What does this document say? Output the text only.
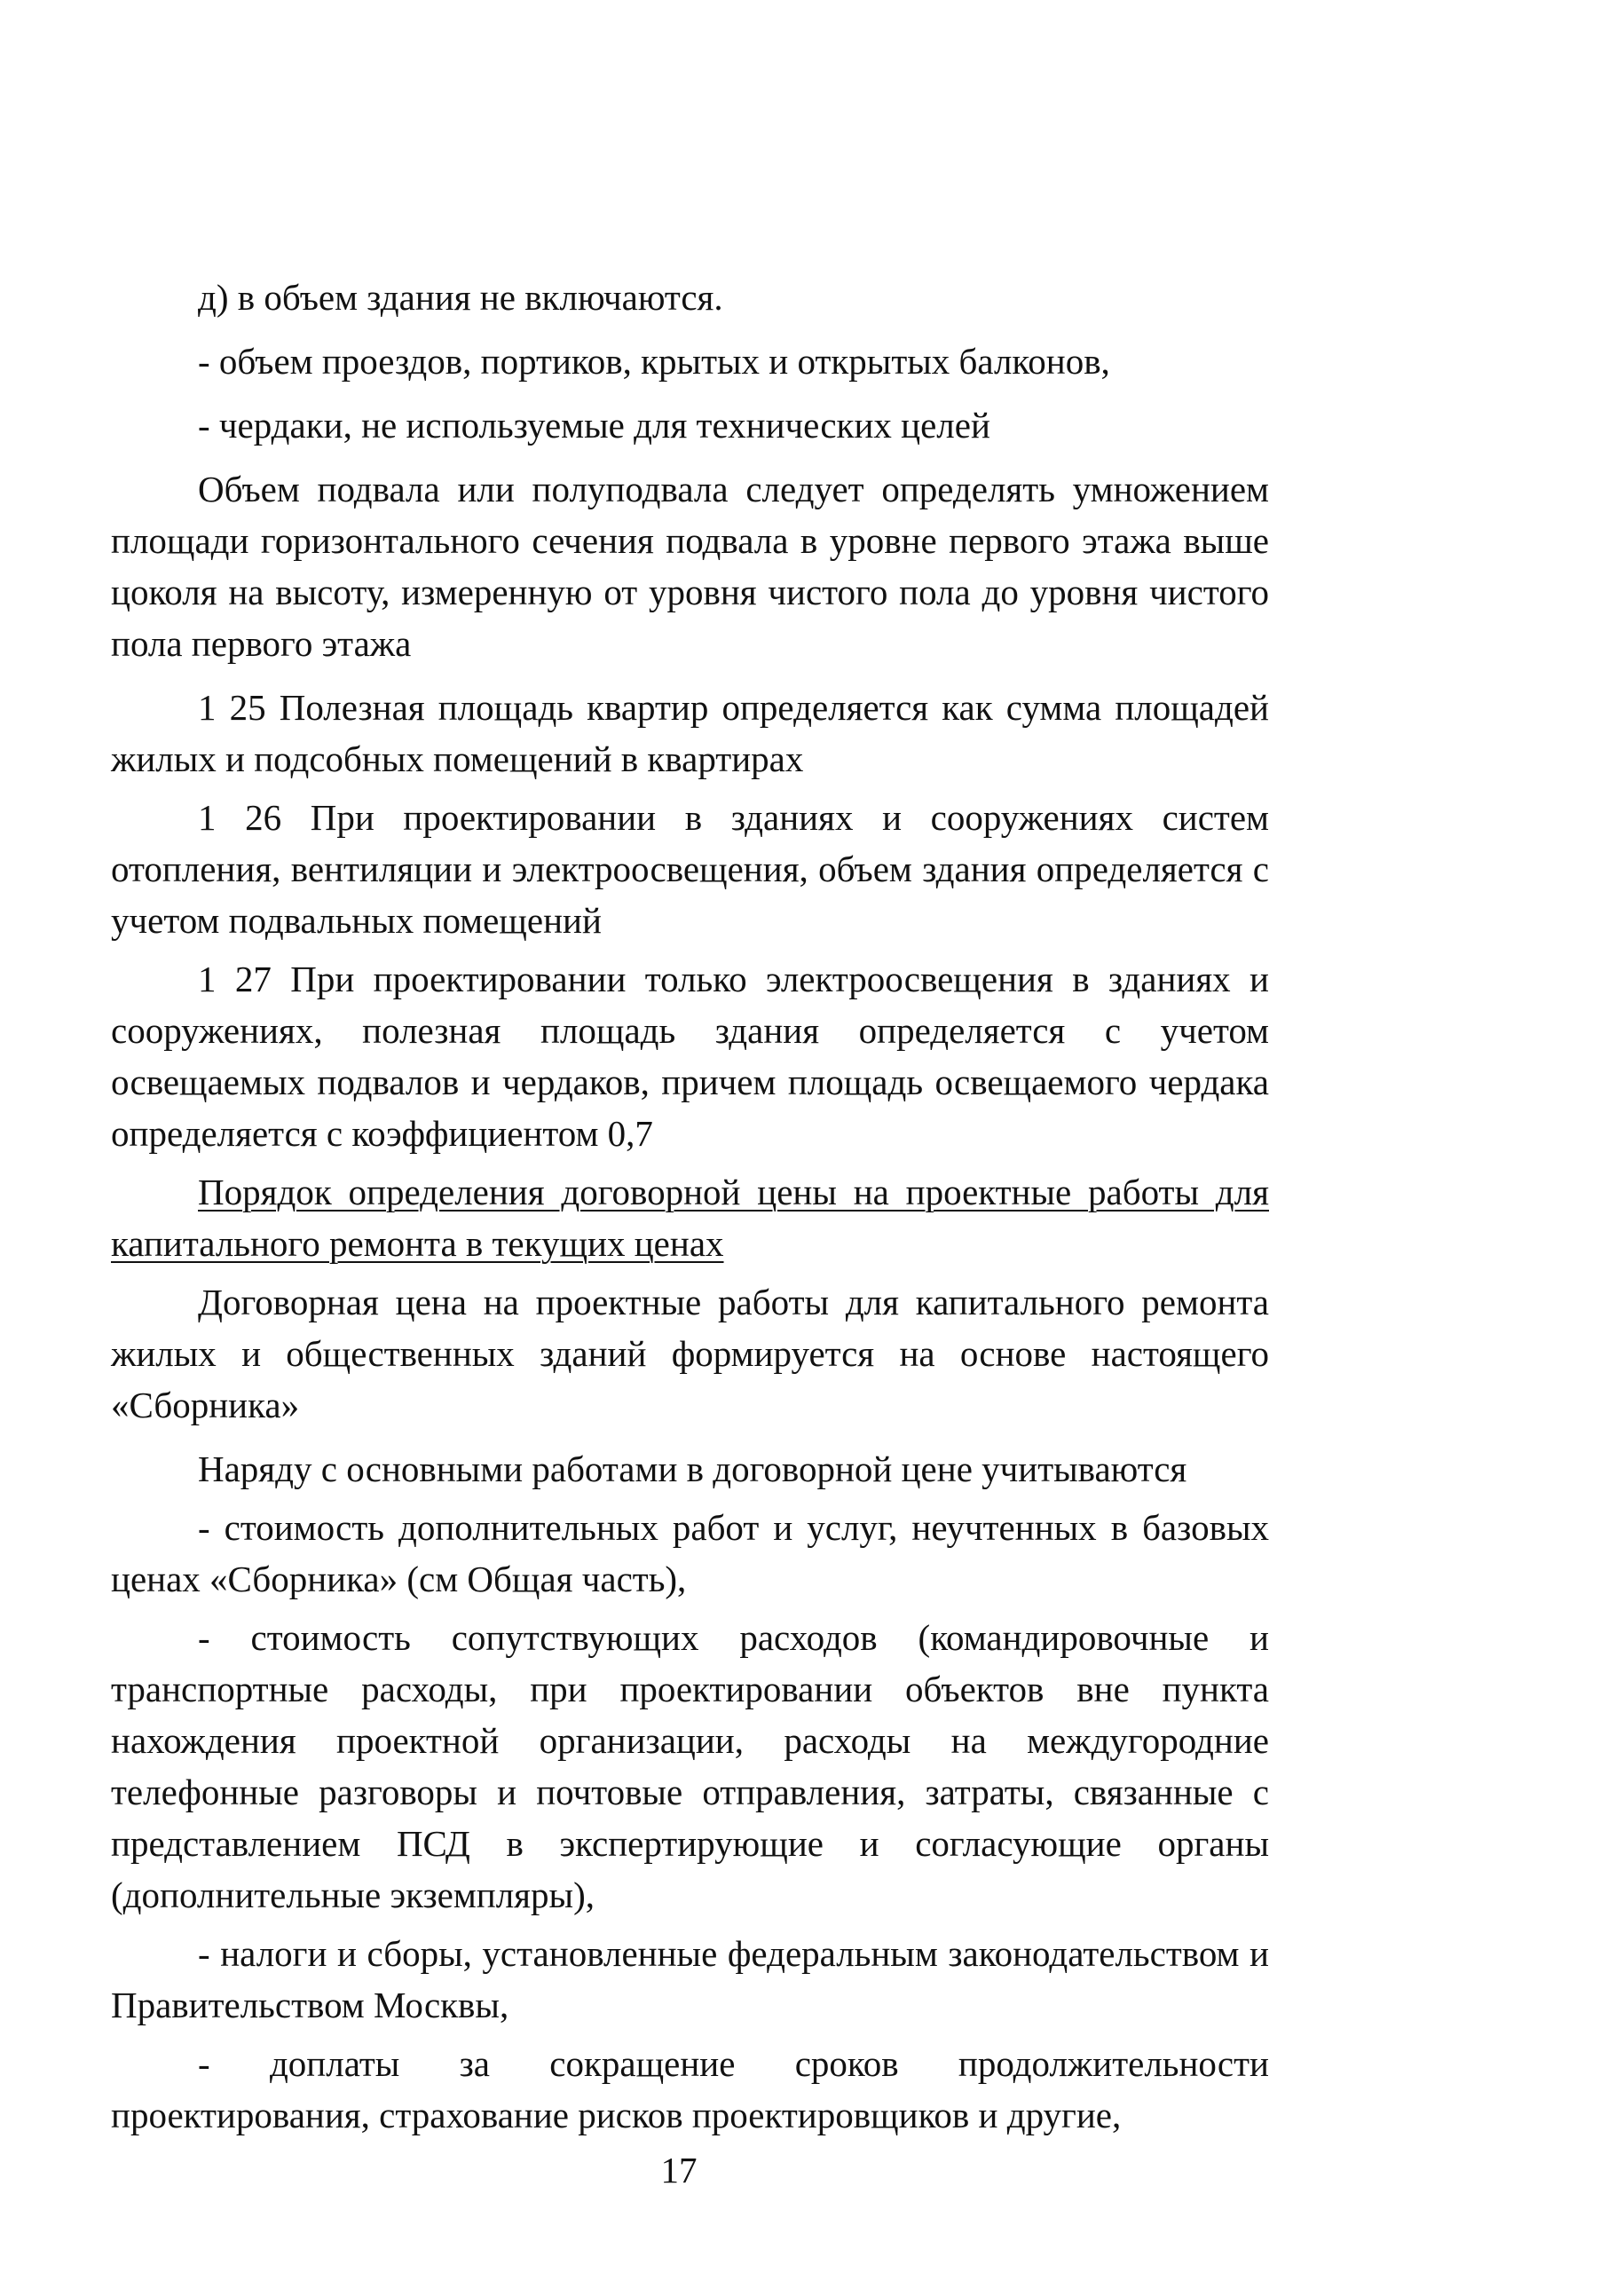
д) в объем здания не включаются.

- объем проездов, портиков, крытых и открытых балконов,

- чердаки, не используемые для технических целей

Объем подвала или полуподвала следует определять умножением площади горизонтального сечения подвала в уровне первого этажа выше цоколя на высоту, измеренную от уровня чистого пола до уровня чистого пола первого этажа

1 25 Полезная площадь квартир определяется как сумма площадей жилых и подсобных помещений в квартирах

1 26 При проектировании в зданиях и сооружениях систем отопления, вентиляции и электроосвещения, объем здания определяется с учетом подвальных помещений

1 27 При проектировании только электроосвещения в зданиях и сооружениях, полезная площадь здания определяется с учетом освещаемых подвалов и чердаков, причем площадь освещаемого чердака определяется с коэффициентом 0,7

Порядок определения договорной цены на проектные работы для капитального ремонта в текущих ценах

Договорная цена на проектные работы для капитального ремонта жилых и общественных зданий формируется на основе настоящего «Сборника»

Наряду с основными работами в договорной цене учитываются

- стоимость дополнительных работ и услуг, неучтенных в базовых ценах «Сборника» (см Общая часть),

- стоимость сопутствующих расходов (командировочные и транспортные расходы, при проектировании объектов вне пункта нахождения проектной организации, расходы на междугородние телефонные разговоры и почтовые отправления, затраты, связанные с представлением ПСД в экспертирующие и согласующие органы (дополнительные экземпляры),

- налоги и сборы, установленные федеральным законодательством и Правительством Москвы,

- доплаты за сокращение сроков продолжительности проектирования, страхование рисков проектировщиков и другие,

17
